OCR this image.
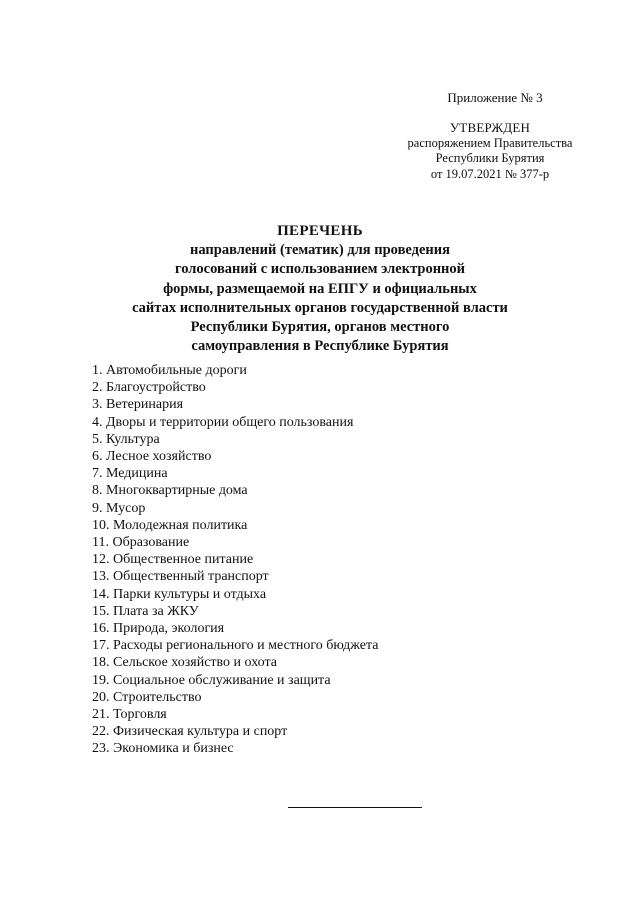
Приложение № 3
УТВЕРЖДЕН
распоряжением Правительства
Республики Бурятия
от 19.07.2021 № 377-р
ПЕРЕЧЕНЬ
направлений (тематик) для проведения
голосований с использованием электронной
формы, размещаемой на ЕПГУ и официальных
сайтах исполнительных органов государственной власти
Республики Бурятия, органов местного
самоуправления в Республике Бурятия
1. Автомобильные дороги
2. Благоустройство
3. Ветеринария
4. Дворы и территории общего пользования
5. Культура
6. Лесное хозяйство
7. Медицина
8. Многоквартирные дома
9. Мусор
10. Молодежная политика
11. Образование
12. Общественное питание
13. Общественный транспорт
14. Парки культуры и отдыха
15. Плата за ЖКУ
16. Природа, экология
17. Расходы регионального и местного бюджета
18. Сельское хозяйство и охота
19. Социальное обслуживание и защита
20. Строительство
21. Торговля
22. Физическая культура и спорт
23. Экономика и бизнес
